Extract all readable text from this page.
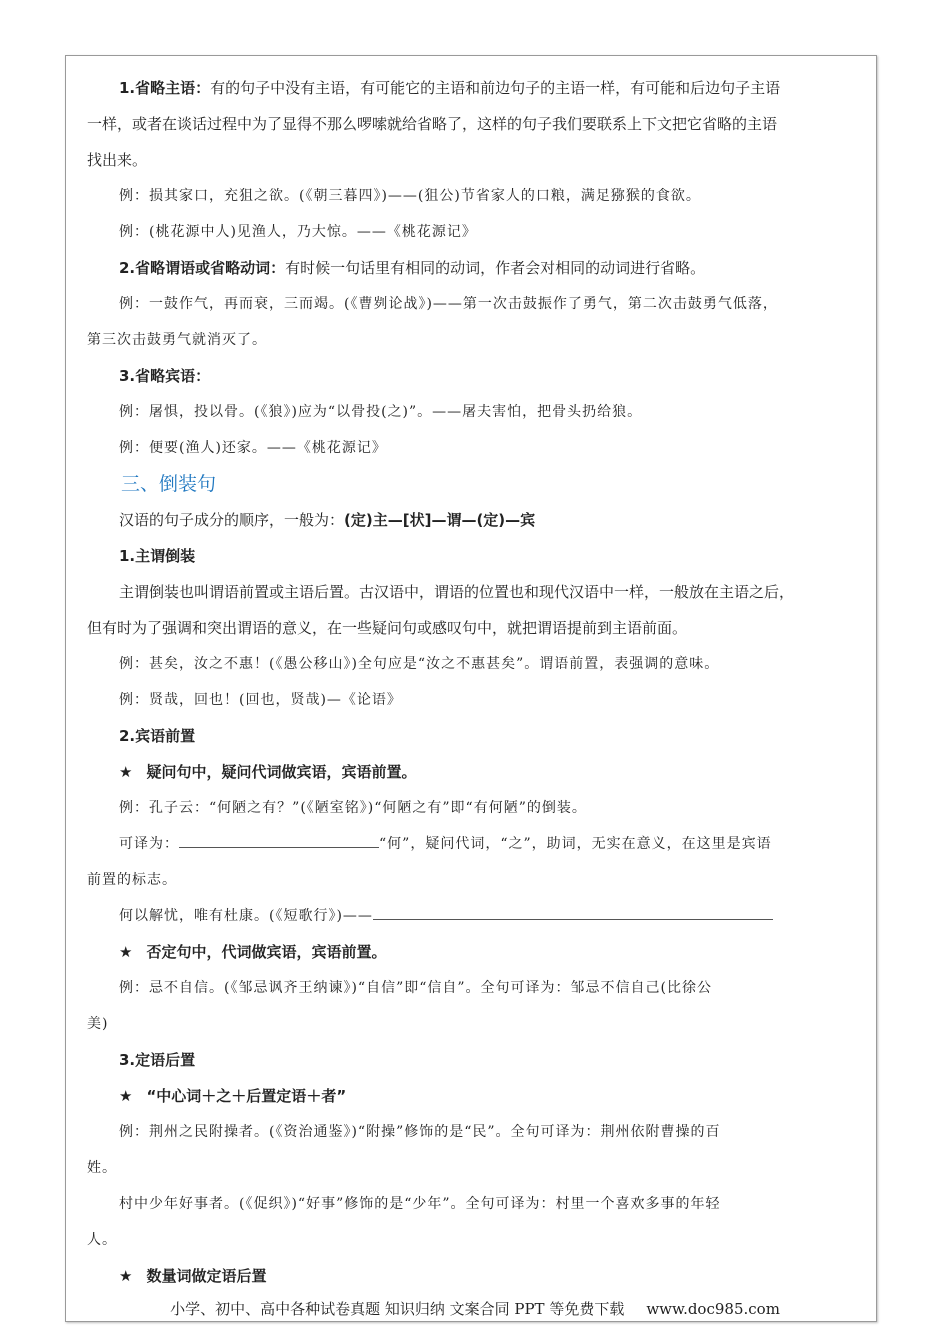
1.省略主语：有的句子中没有主语，有可能它的主语和前边句子的主语一样，有可能和后边句子主语
一样，或者在谈话过程中为了显得不那么啰嗦就给省略了，这样的句子我们要联系上下文把它省略的主语
找出来。
例：损其家口，充狙之欲。(《朝三暮四》)——(狙公)节省家人的口粮，满足猕猴的食欲。
例：(桃花源中人)见渔人，乃大惊。——《桃花源记》
2.省略谓语或省略动词：有时候一句话里有相同的动词，作者会对相同的动词进行省略。
例：一鼓作气，再而衰，三而竭。(《曹刿论战》)——第一次击鼓振作了勇气，第二次击鼓勇气低落，
第三次击鼓勇气就消灭了。
3.省略宾语：
例：屠惧，投以骨。(《狼》)应为“以骨投(之)”。——屠夫害怕，把骨头扔给狼。
例：便要(渔人)还家。——《桃花源记》
三、倒装句
汉语的句子成分的顺序，一般为：(定)主—[状]—谓—(定)—宾
1.主谓倒装
主谓倒装也叫谓语前置或主语后置。古汉语中，谓语的位置也和现代汉语中一样，一般放在主语之后，
但有时为了强调和突出谓语的意义，在一些疑问句或感叹句中，就把谓语提前到主语前面。
例：甚矣，汝之不惠！(《愚公移山》)全句应是“汝之不惠甚矣”。谓语前置，表强调的意味。
例：贤哉，回也！(回也，贤哉)—《论语》
2.宾语前置
★ 疑问句中，疑问代词做宾语，宾语前置。
例：孔子云：“何陋之有？”(《陋室铭》)“何陋之有”即“有何陋”的倒装。
可译为：	“何”，疑问代词，“之”，助词，无实在意义，在这里是宾语
前置的标志。
何以解忧，唯有杜康。(《短歌行》)——
★ 否定句中，代词做宾语，宾语前置。
例：忌不自信。(《邹忌讽齐王纳谏》)“自信”即“信自”。全句可译为：邹忌不信自己(比徐公
美)
3.定语后置
★ “中心词＋之＋后置定语＋者”
例：荆州之民附操者。(《资治通鉴》)“附操”修饰的是“民”。全句可译为：荆州依附曹操的百
姓。
村中少年好事者。(《促织》)“好事”修饰的是“少年”。全句可译为：村里一个喜欢多事的年轻
人。
★ 数量词做定语后置
小学、初中、高中各种试卷真题 知识归纳 文案合同 PPT 等免费下载 www.doc985.com
